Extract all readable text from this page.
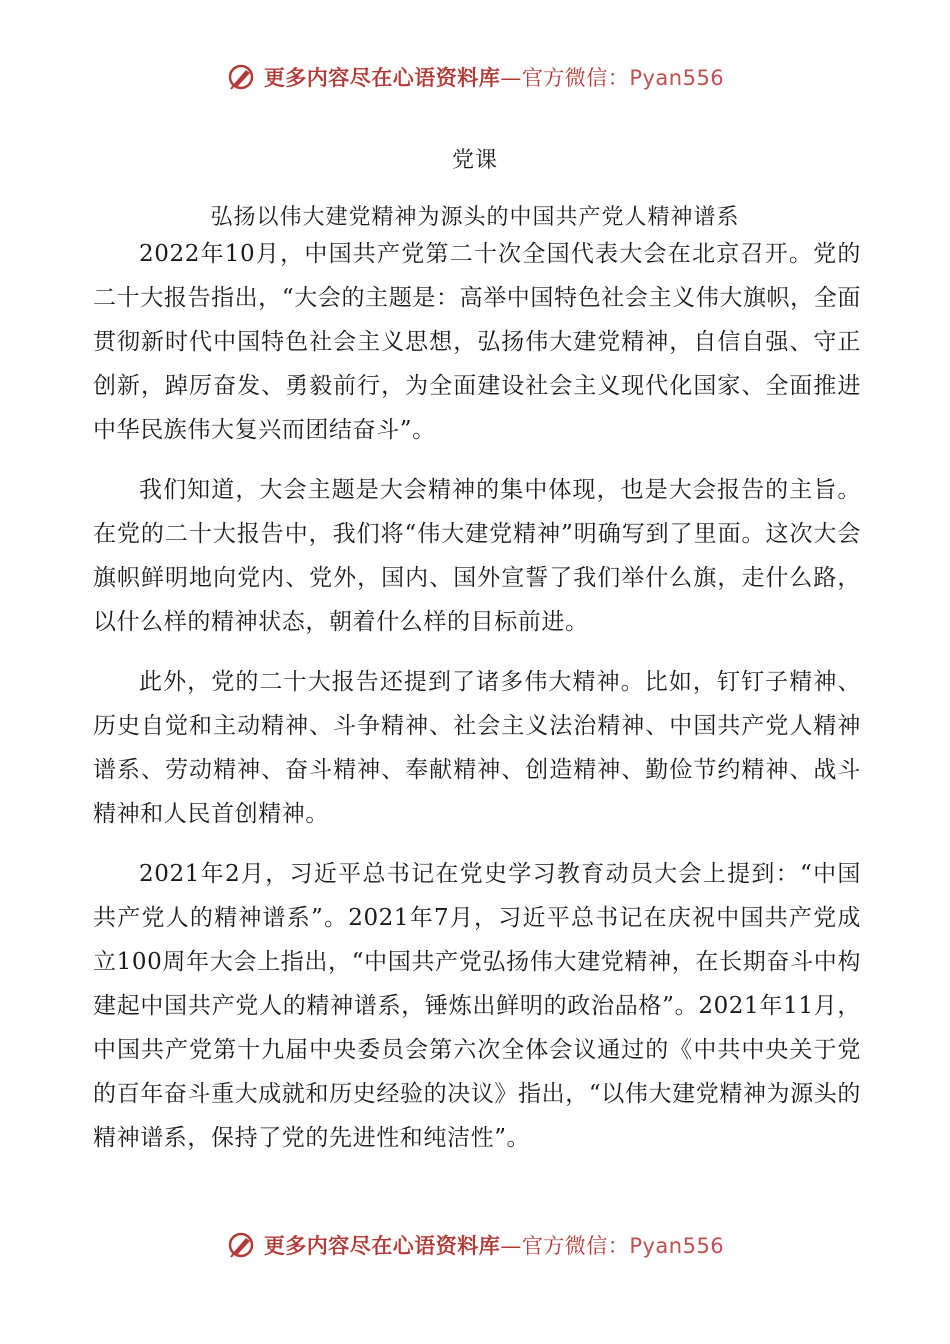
更多内容尽在心语资料库—官方微信：Pyan556
党课
弘扬以伟大建党精神为源头的中国共产党人精神谱系

2022年10月，中国共产党第二十次全国代表大会在北京召开。党的二十大报告指出，“大会的主题是：高举中国特色社会主义伟大旗帜，全面贯彻新时代中国特色社会主义思想，弘扬伟大建党精神，自信自强、守正创新，踔厉奋发、勇毅前行，为全面建设社会主义现代化国家、全面推进中华民族伟大复兴而团结奋斗”。

我们知道，大会主题是大会精神的集中体现，也是大会报告的主旨。在党的二十大报告中，我们将“伟大建党精神”明确写到了里面。这次大会旗帜鲜明地向党内、党外，国内、国外宣誓了我们举什么旗，走什么路，以什么样的精神状态，朝着什么样的目标前进。

此外，党的二十大报告还提到了诸多伟大精神。比如，钉钉子精神、历史自觉和主动精神、斗争精神、社会主义法治精神、中国共产党人精神谱系、劳动精神、奋斗精神、奉献精神、创造精神、勤俭节约精神、战斗精神和人民首创精神。

2021年2月，习近平总书记在党史学习教育动员大会上提到：“中国共产党人的精神谱系”。2021年7月，习近平总书记在庆祝中国共产党成立100周年大会上指出，“中国共产党弘扬伟大建党精神，在长期奋斗中构建起中国共产党人的精神谱系，锤炼出鲜明的政治品格”。2021年11月，中国共产党第十九届中央委员会第六次全体会议通过的《中共中央关于党的百年奋斗重大成就和历史经验的决议》指出，“以伟大建党精神为源头的精神谱系，保持了党的先进性和纯洁性”。

更多内容尽在心语资料库—官方微信：Pyan556
